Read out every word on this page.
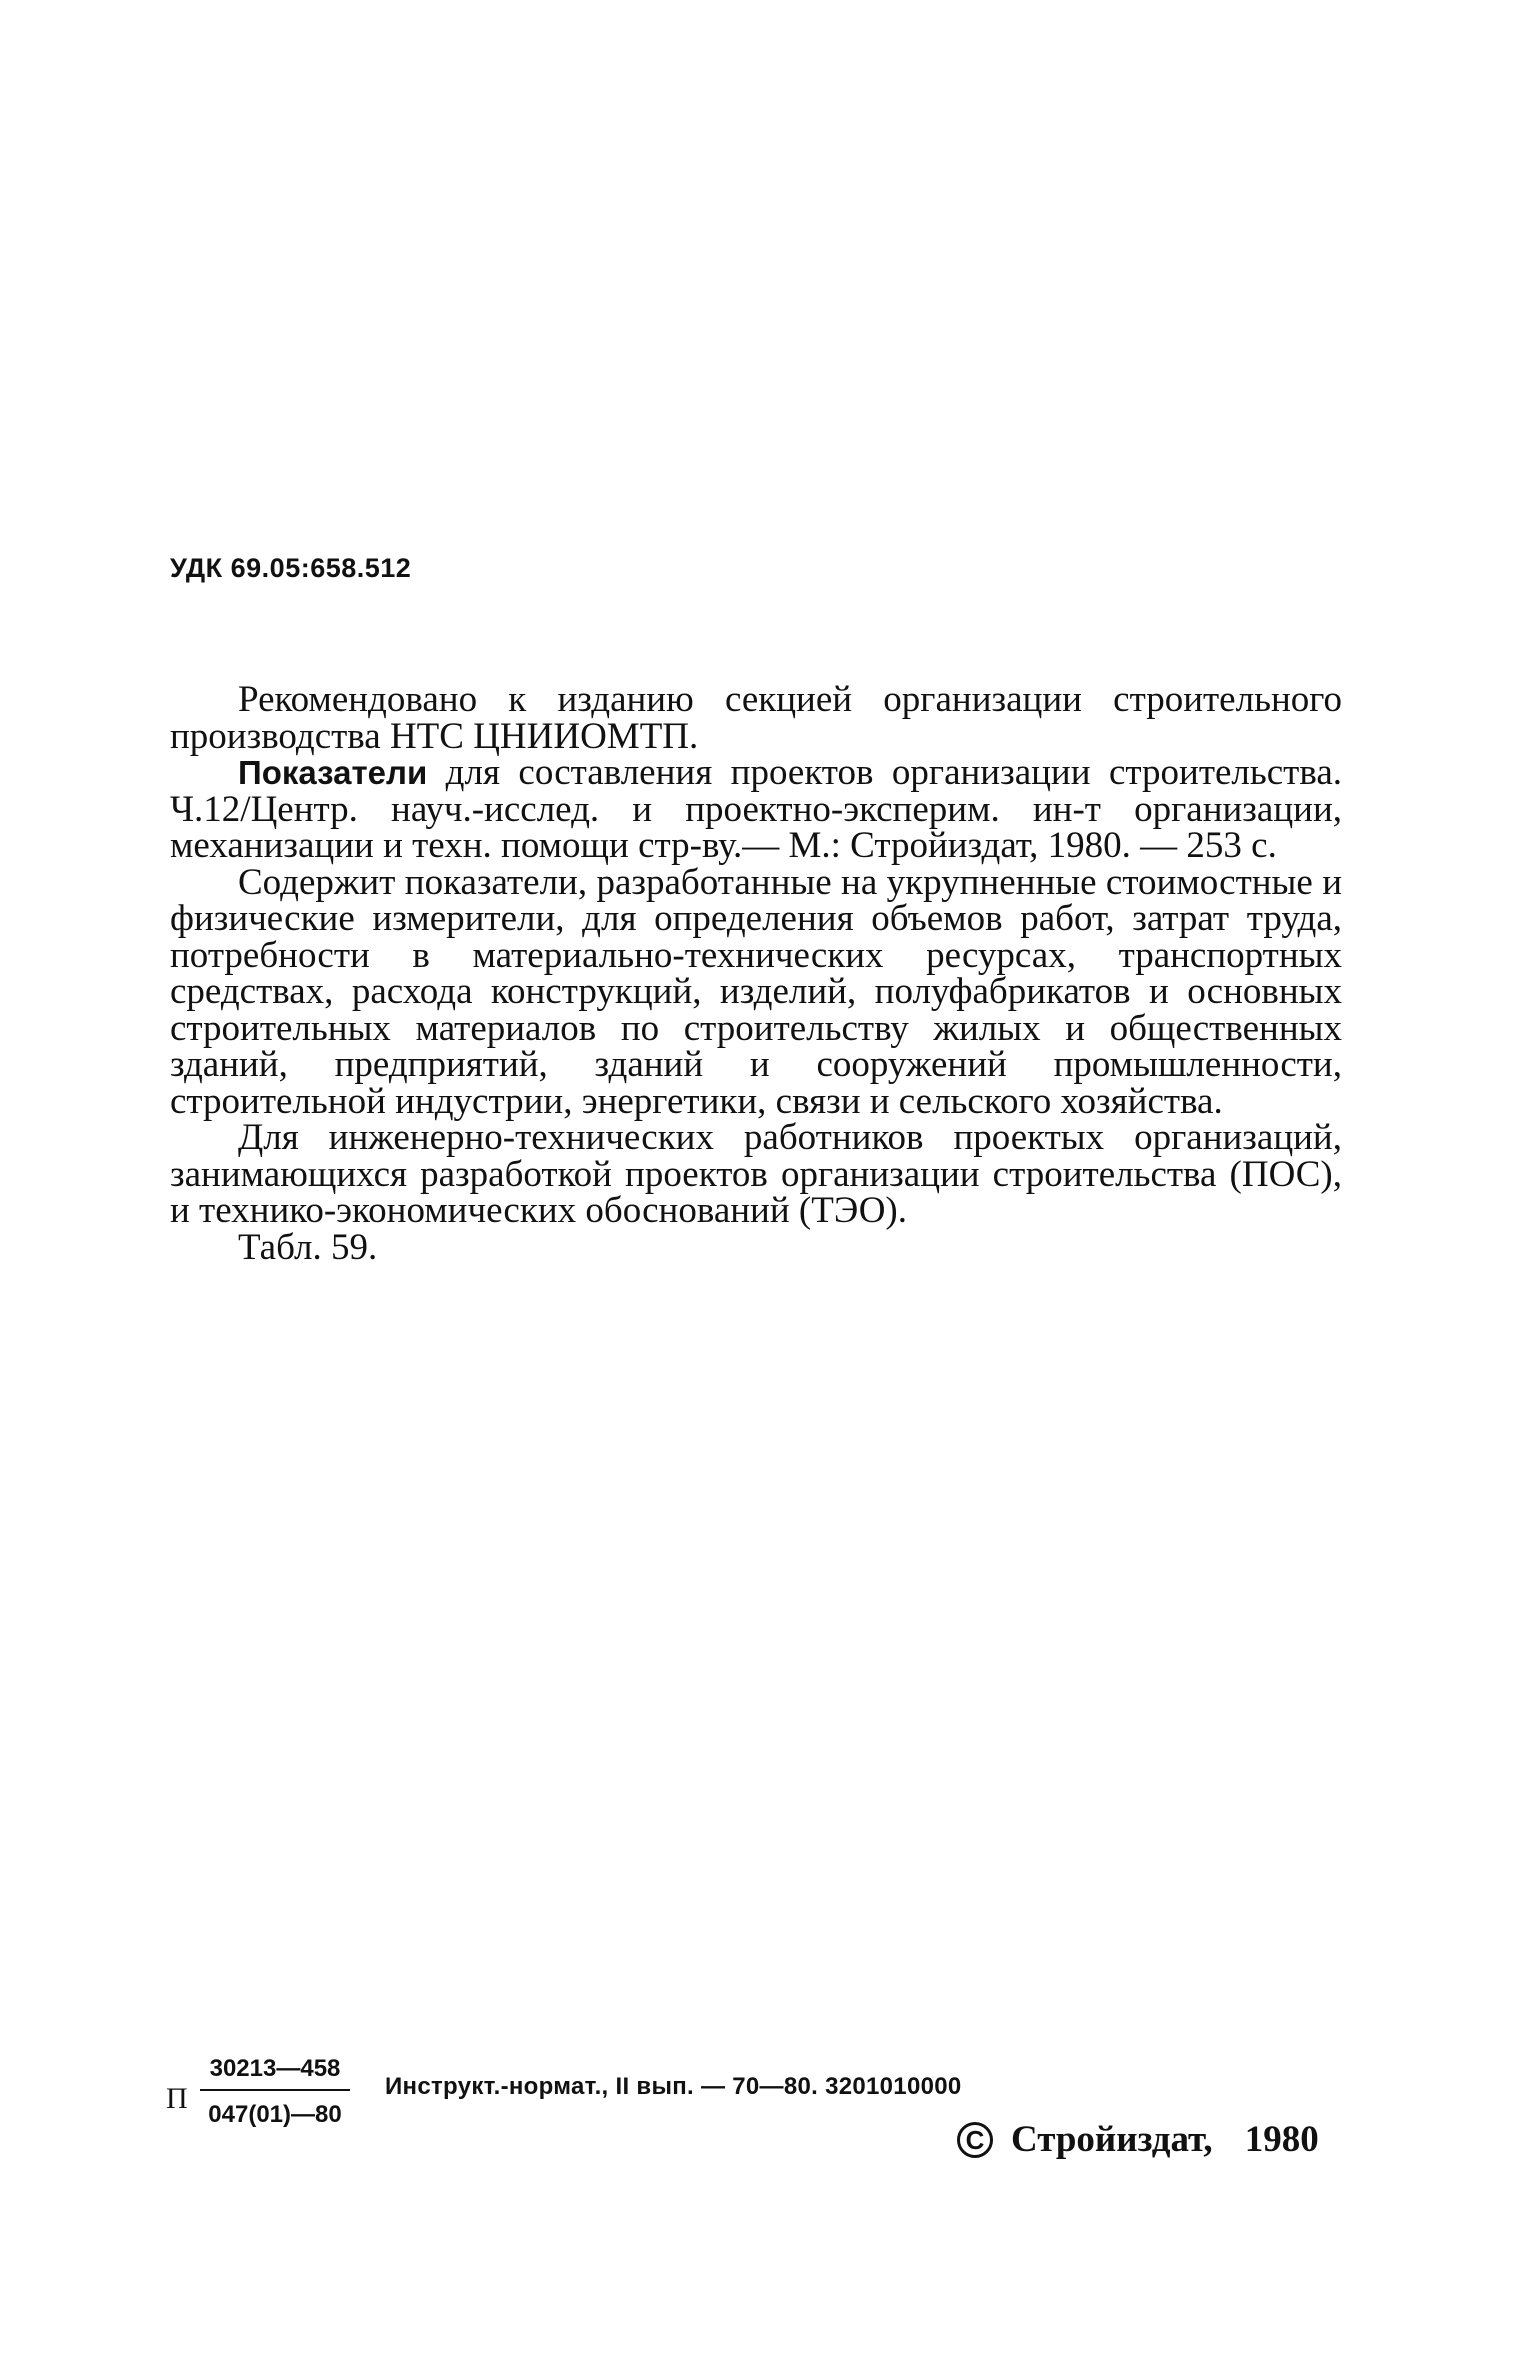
УДК 69.05:658.512

Рекомендовано к изданию секцией организации строительного производства НТС ЦНИИОМТП.

Показатели для составления проектов организации строительства. Ч.12/Центр. науч.-исслед. и проектно-эксперим. ин-т организации, механизации и техн. помощи стр-ву.— М.: Стройиздат, 1980. — 253 с.

Содержит показатели, разработанные на укрупненные стоимостные и физические измерители, для определения объемов работ, затрат труда, потребности в материально-технических ресурсах, транспортных средствах, расхода конструкций, изделий, полуфабрикатов и основных строительных материалов по строительству жилых и общественных зданий, предприятий, зданий и сооружений промышленности, строительной индустрии, энергетики, связи и сельского хозяйства.

Для инженерно-технических работников проектых организаций, занимающихся разработкой проектов организации строительства (ПОС), и технико-экономических обоснований (ТЭО).

Табл. 59.

П $\frac{30213—458}{047(01)—80}$ Инструкт.-нормат., II вып. — 70—80. 3201010000
C Стройиздат, 1980
